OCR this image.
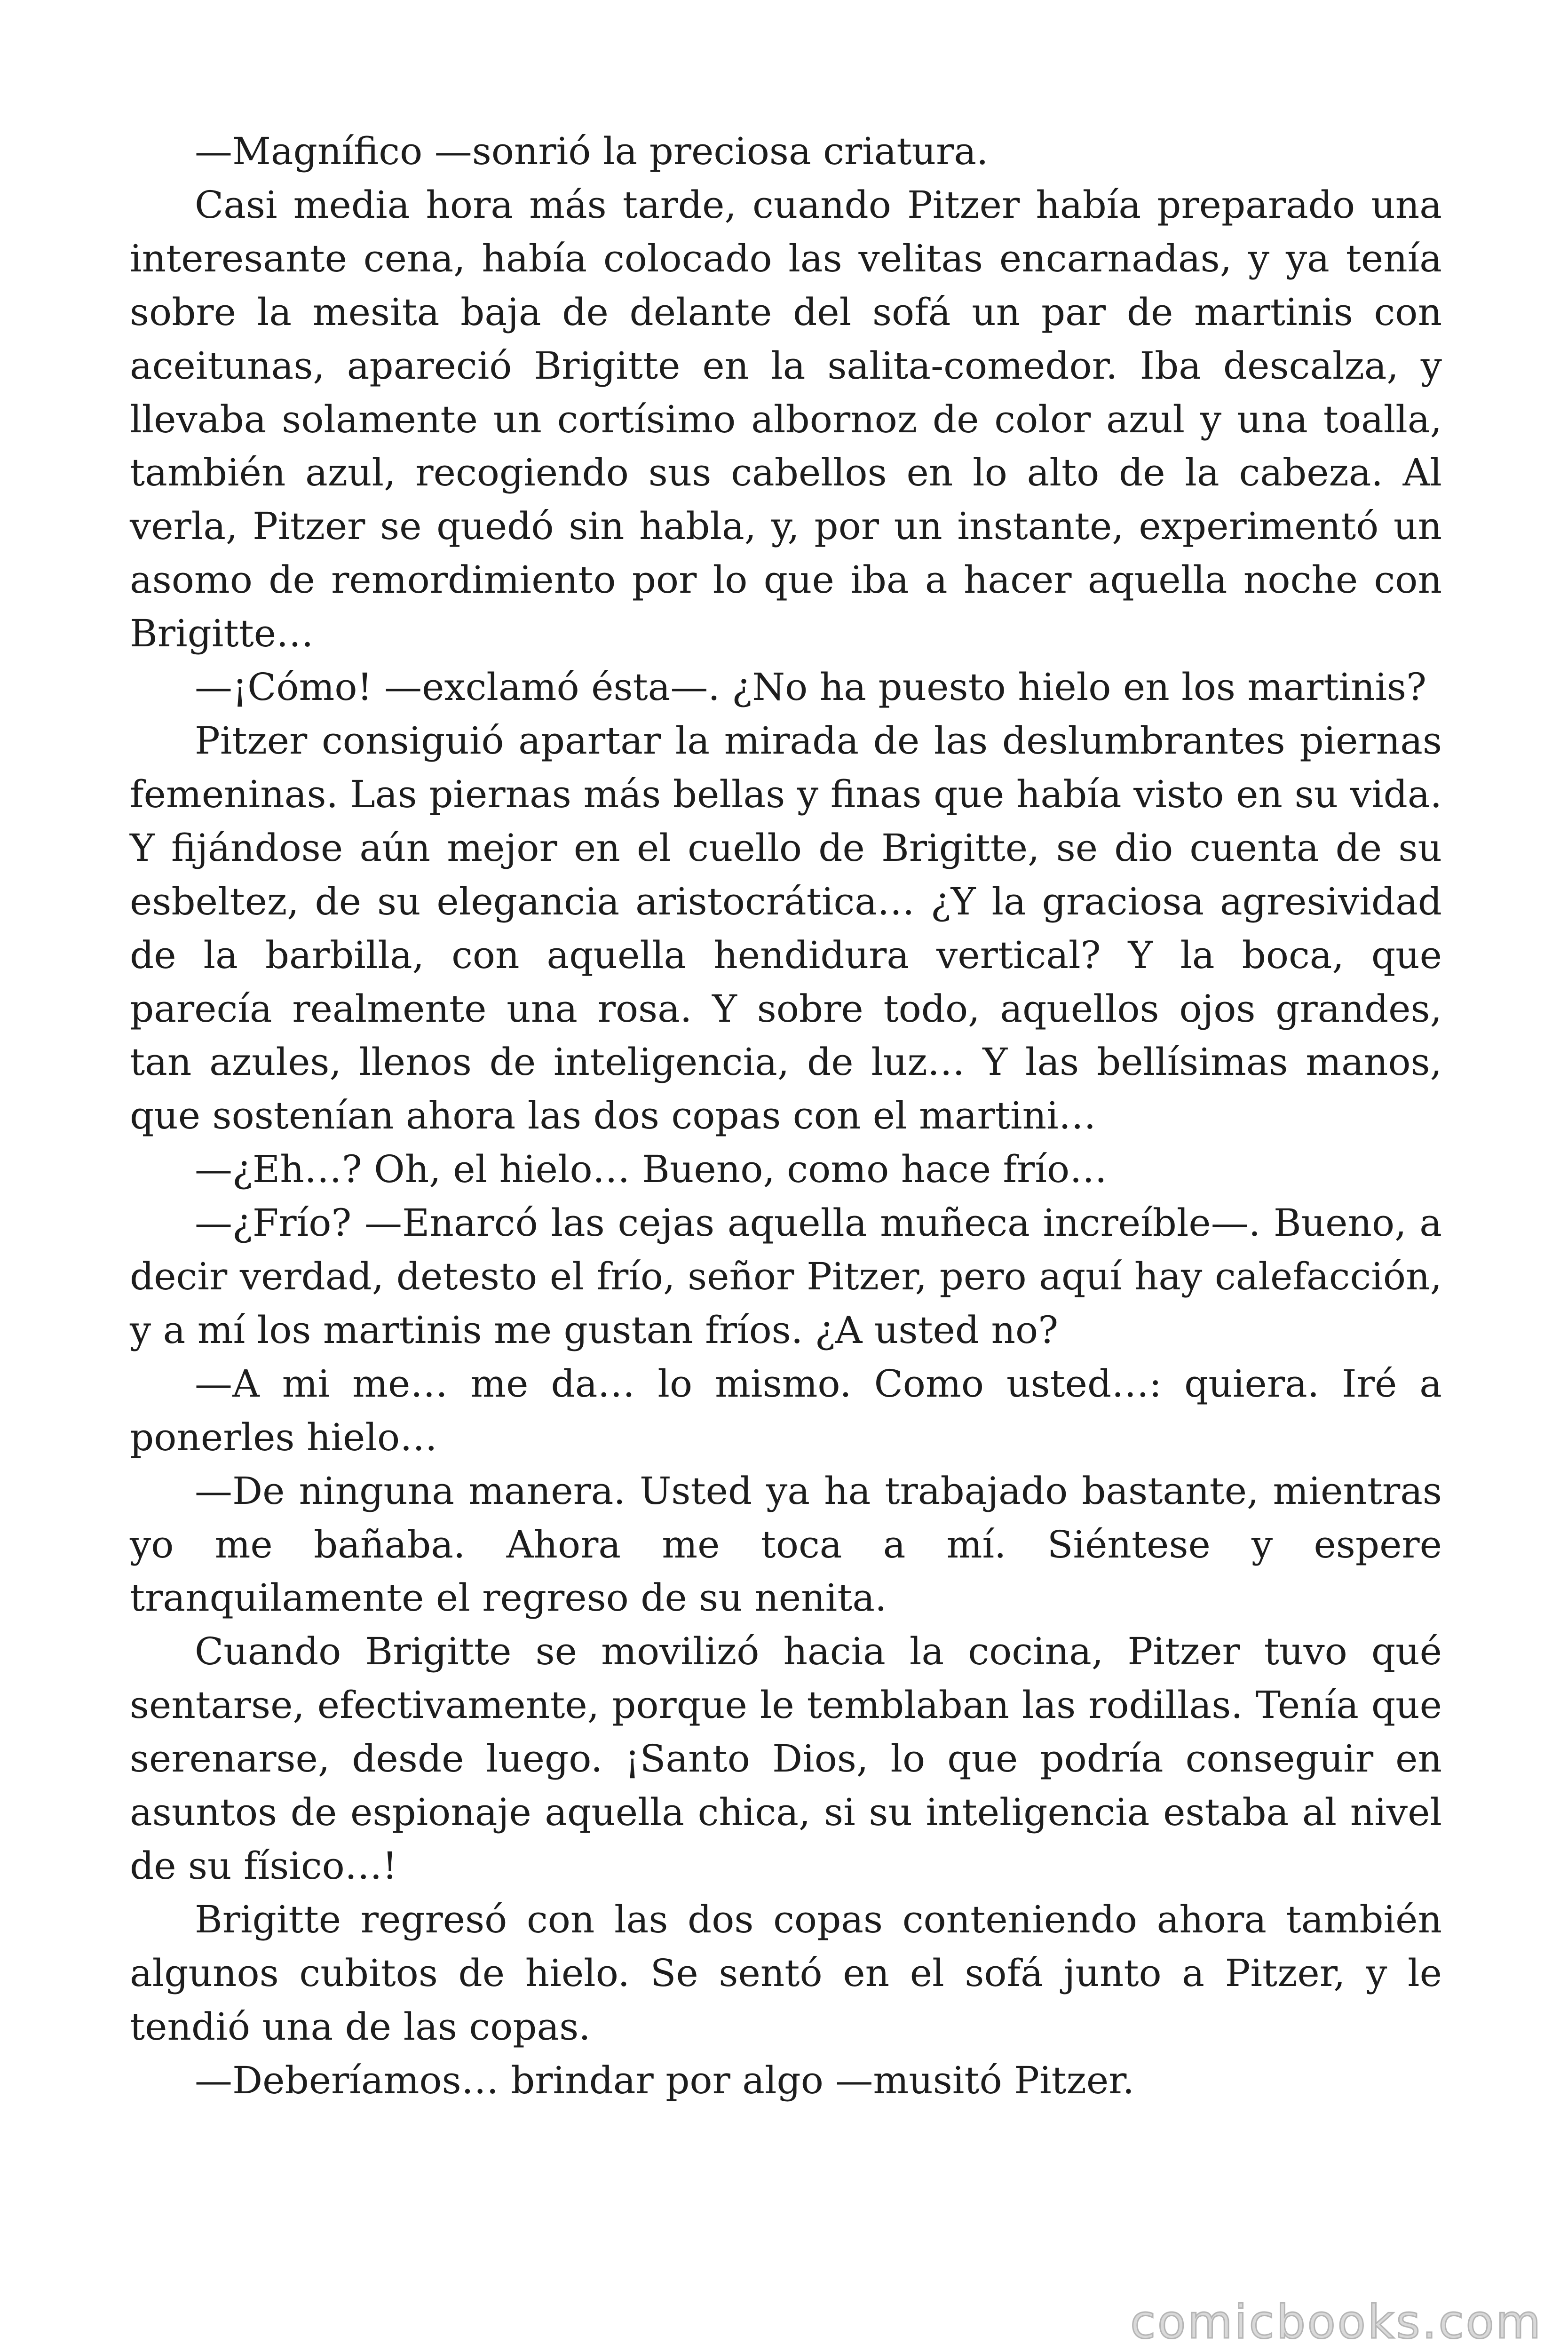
—Magnífico —sonrió la preciosa criatura.

Casi media hora más tarde, cuando Pitzer había preparado una interesante cena, había colocado las velitas encarnadas, y ya tenía sobre la mesita baja de delante del sofá un par de martinis con aceitunas, apareció Brigitte en la salita-comedor. Iba descalza, y llevaba solamente un cortísimo albornoz de color azul y una toalla, también azul, recogiendo sus cabellos en lo alto de la cabeza. Al verla, Pitzer se quedó sin habla, y, por un instante, experimentó un asomo de remordimiento por lo que iba a hacer aquella noche con Brigitte…

—¡Cómo! —exclamó ésta—. ¿No ha puesto hielo en los martinis?

Pitzer consiguió apartar la mirada de las deslumbrantes piernas femeninas. Las piernas más bellas y finas que había visto en su vida. Y fijándose aún mejor en el cuello de Brigitte, se dio cuenta de su esbeltez, de su elegancia aristocrática… ¿Y la graciosa agresividad de la barbilla, con aquella hendidura vertical? Y la boca, que parecía realmente una rosa. Y sobre todo, aquellos ojos grandes, tan azules, llenos de inteligencia, de luz… Y las bellísimas manos, que sostenían ahora las dos copas con el martini…

—¿Eh…? Oh, el hielo… Bueno, como hace frío…

—¿Frío? —Enarcó las cejas aquella muñeca increíble—. Bueno, a decir verdad, detesto el frío, señor Pitzer, pero aquí hay calefacción, y a mí los martinis me gustan fríos. ¿A usted no?

—A mi me… me da… lo mismo. Como usted…: quiera. Iré a ponerles hielo…

—De ninguna manera. Usted ya ha trabajado bastante, mientras yo me bañaba. Ahora me toca a mí. Siéntese y espere tranquilamente el regreso de su nenita.

Cuando Brigitte se movilizó hacia la cocina, Pitzer tuvo qué sentarse, efectivamente, porque le temblaban las rodillas. Tenía que serenarse, desde luego. ¡Santo Dios, lo que podría conseguir en asuntos de espionaje aquella chica, si su inteligencia estaba al nivel de su físico…!

Brigitte regresó con las dos copas conteniendo ahora también algunos cubitos de hielo. Se sentó en el sofá junto a Pitzer, y le tendió una de las copas.

—Deberíamos… brindar por algo —musitó Pitzer.

comicbooks.com
